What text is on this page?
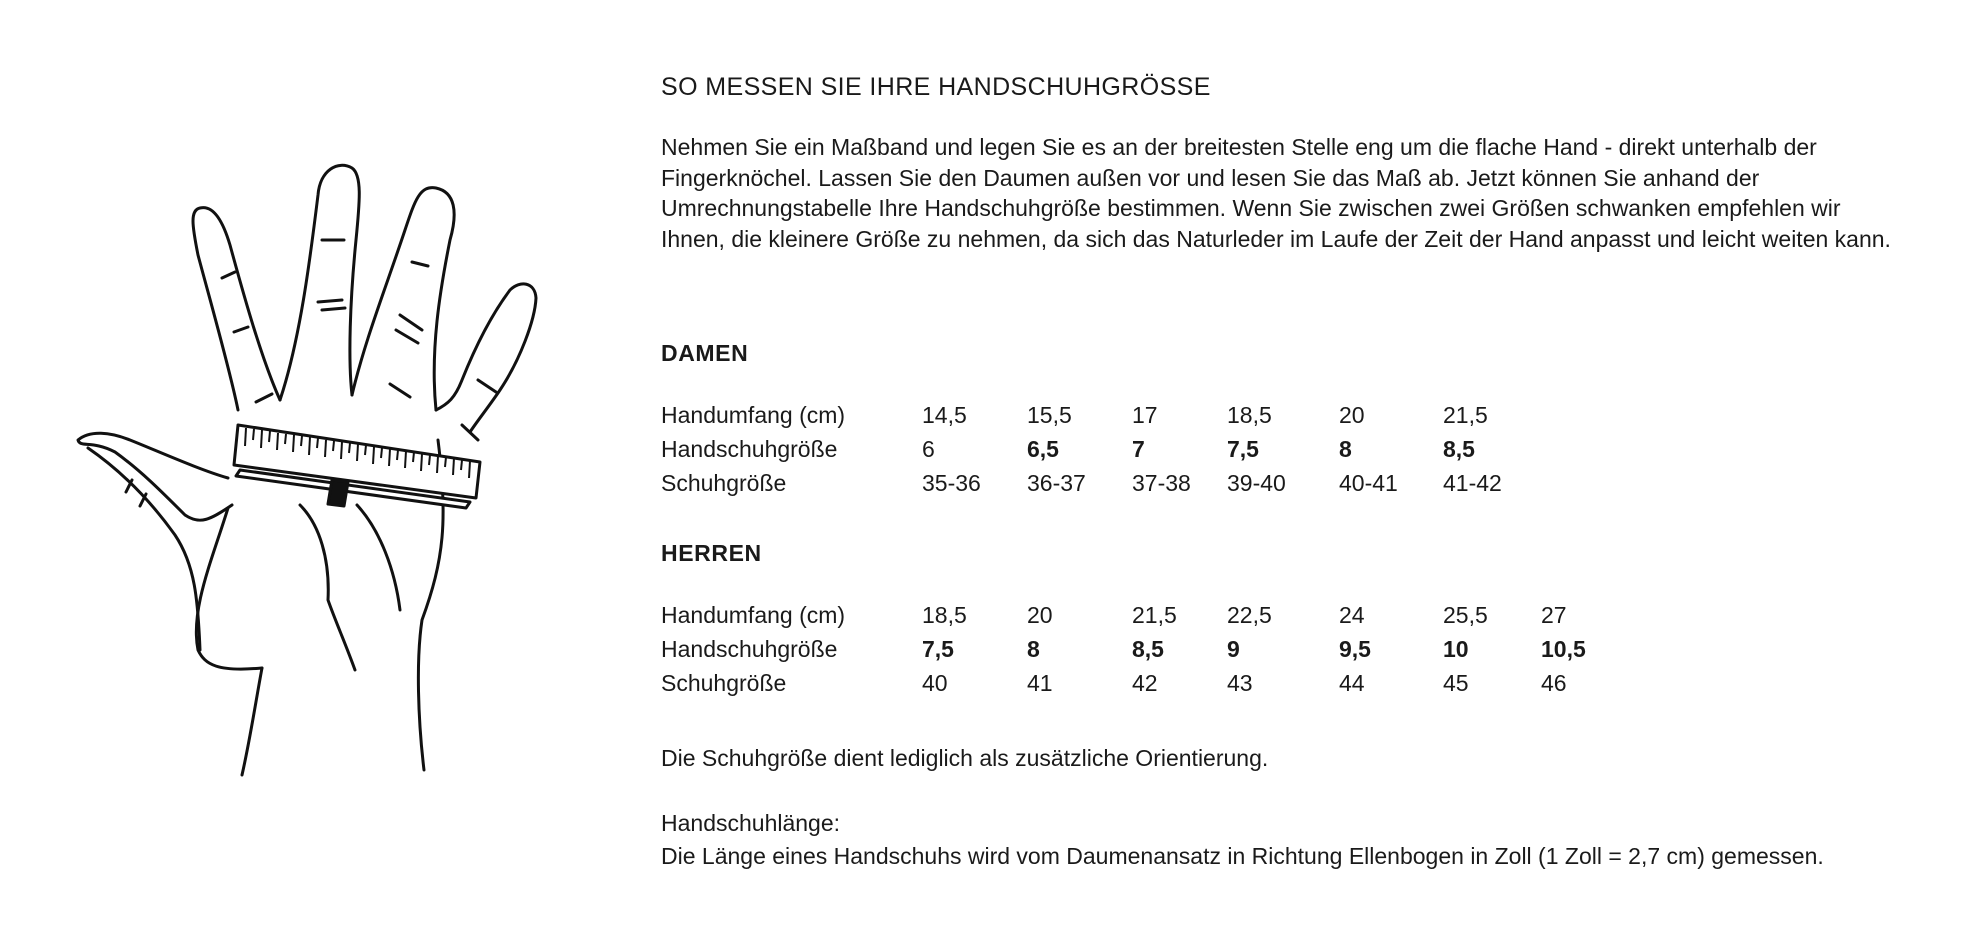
SO MESSEN SIE IHRE HANDSCHUHGRÖSSE

Nehmen Sie ein Maßband und legen Sie es an der breitesten Stelle eng um die flache Hand - direkt unterhalb der Fingerknöchel. Lassen Sie den Daumen außen vor und lesen Sie das Maß ab. Jetzt können Sie anhand der Umrechnungstabelle Ihre Handschuhgröße bestimmen. Wenn Sie zwischen zwei Größen schwanken empfehlen wir Ihnen, die kleinere Größe zu nehmen, da sich das Naturleder im Laufe der Zeit der Hand anpasst und leicht weiten kann.

DAMEN
Handumfang (cm)	14,5	15,5	17	18,5	20	21,5
Handschuhgröße	6	6,5	7	7,5	8	8,5
Schuhgröße	35-36	36-37	37-38	39-40	40-41	41-42
HERREN
Handumfang (cm)	18,5	20	21,5	22,5	24	25,5	27
Handschuhgröße	7,5	8	8,5	9	9,5	10	10,5
Schuhgröße	40	41	42	43	44	45	46

Die Schuhgröße dient lediglich als zusätzliche Orientierung.

Handschuhlänge:

Die Länge eines Handschuhs wird vom Daumenansatz in Richtung Ellenbogen in Zoll (1 Zoll = 2,7 cm) gemessen.
